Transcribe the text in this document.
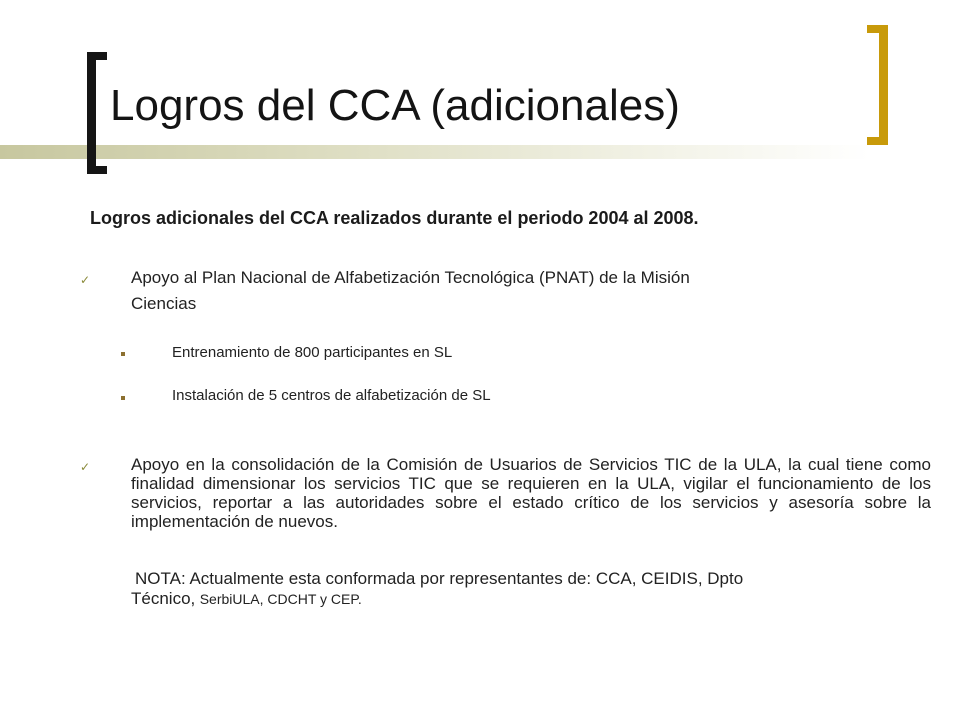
Logros del CCA (adicionales)
Logros adicionales del CCA realizados durante el periodo 2004 al 2008.
✓ Apoyo al Plan Nacional de Alfabetización Tecnológica (PNAT) de la Misión
Ciencias
Entrenamiento de 800 participantes en SL
Instalación de 5 centros de alfabetización de SL
✓ Apoyo en la consolidación de la Comisión de Usuarios de Servicios TIC de la ULA, la cual tiene como finalidad dimensionar los servicios TIC que se requieren en la ULA, vigilar el funcionamiento de los servicios, reportar a las autoridades sobre el estado crítico de los servicios y asesoría sobre la implementación de nuevos.
NOTA: Actualmente esta conformada por representantes de: CCA, CEIDIS, Dpto
Técnico, SerbiULA, CDCHT y CEP.
